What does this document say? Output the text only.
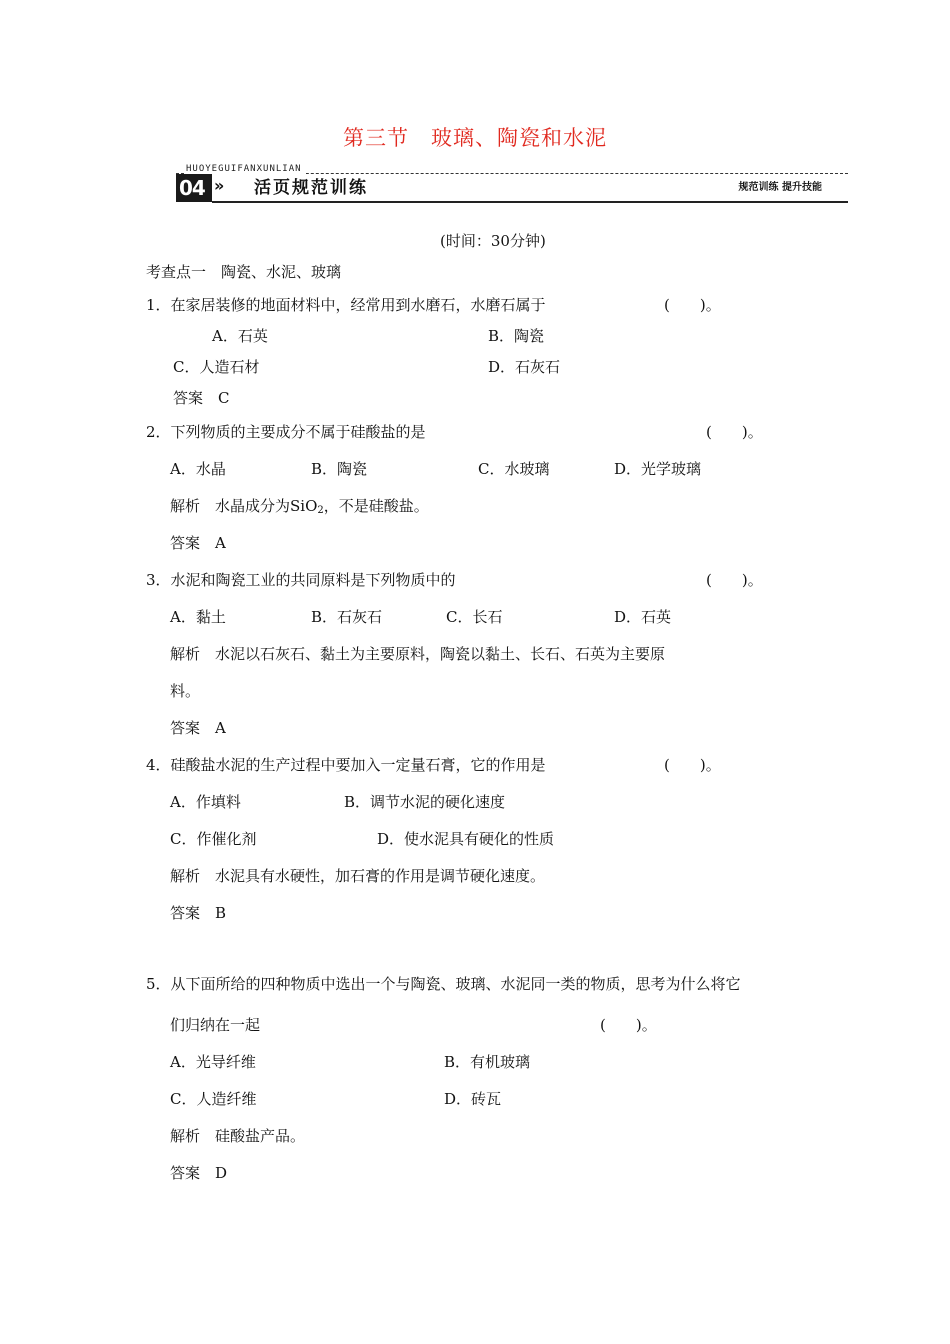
第三节　玻璃、陶瓷和水泥
HUOYEGUIFANXUNLIAN
04 » 活页规范训练	规范训练 提升技能
(时间：30分钟)
考查点一　陶瓷、水泥、玻璃
1．在家居装修的地面材料中，经常用到水磨石，水磨石属于	(　　)。
A．石英	B．陶瓷
C．人造石材	D．石灰石
答案　C
2．下列物质的主要成分不属于硅酸盐的是	(　　)。
A．水晶	B．陶瓷	C．水玻璃	D．光学玻璃
解析　水晶成分为SiO$_2$，不是硅酸盐。
答案　A
3．水泥和陶瓷工业的共同原料是下列物质中的	(　　)。
A．黏土	B．石灰石	C．长石	D．石英
解析　水泥以石灰石、黏土为主要原料，陶瓷以黏土、长石、石英为主要原
料。
答案　A
4．硅酸盐水泥的生产过程中要加入一定量石膏，它的作用是	(　　)。
A．作填料	B．调节水泥的硬化速度
C．作催化剂	D．使水泥具有硬化的性质
解析　水泥具有水硬性，加石膏的作用是调节硬化速度。
答案　B
5．从下面所给的四种物质中选出一个与陶瓷、玻璃、水泥同一类的物质，思考为什么将它
们归纳在一起	(　　)。
A．光导纤维	B．有机玻璃
C．人造纤维	D．砖瓦
解析　硅酸盐产品。
答案　D
